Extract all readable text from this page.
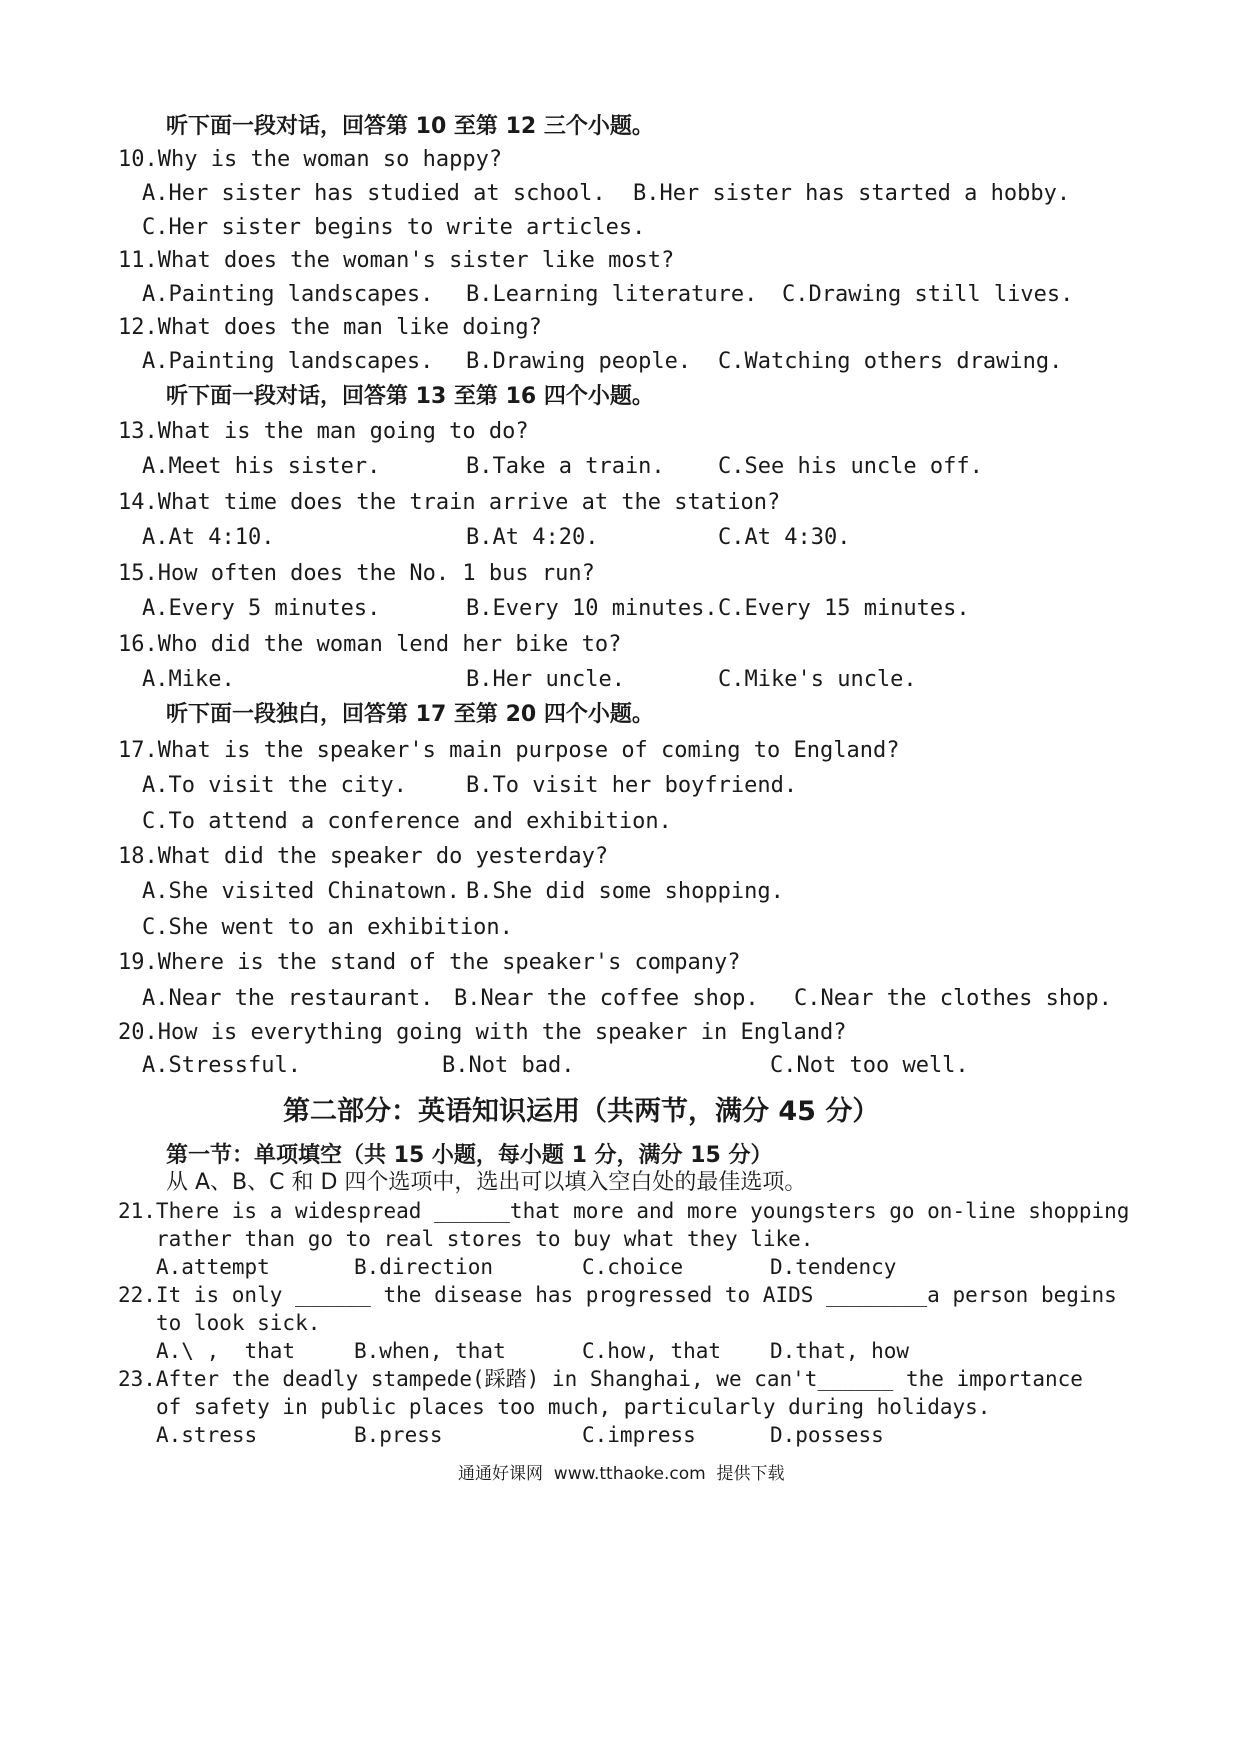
听下面一段对话，回答第 10 至第 12 三个小题。
10.Why is the woman so happy?
A.Her sister has studied at school. B.Her sister has started a hobby.
C.Her sister begins to write articles.
11.What does the woman's sister like most?
A.Painting landscapes. B.Learning literature. C.Drawing still lives.
12.What does the man like doing?
A.Painting landscapes. B.Drawing people. C.Watching others drawing.
听下面一段对话，回答第 13 至第 16 四个小题。
13.What is the man going to do?
A.Meet his sister.	B.Take a train. C.See his uncle off.
14.What time does the train arrive at the station?
A.At 4:10.	B.At 4:20.	C.At 4:30.
15.How often does the No. 1 bus run?
A.Every 5 minutes.	B.Every 10 minutes. C.Every 15 minutes.
16.Who did the woman lend her bike to?
A.Mike.	B.Her uncle.	C.Mike's uncle.
听下面一段独白，回答第 17 至第 20 四个小题。
17.What is the speaker's main purpose of coming to England?
A.To visit the city.	B.To visit her boyfriend.
C.To attend a conference and exhibition.
18.What did the speaker do yesterday?
A.She visited Chinatown. B.She did some shopping.
C.She went to an exhibition.
19.Where is the stand of the speaker's company?
A.Near the restaurant. B.Near the coffee shop. C.Near the clothes shop.
20.How is everything going with the speaker in England?
A.Stressful.	B.Not bad.	C.Not too well.
第二部分：英语知识运用（共两节，满分 45 分）
第一节：单项填空（共 15 小题，每小题 1 分，满分 15 分）
从 A、B、C 和 D 四个选项中，选出可以填入空白处的最佳选项。
21.There is a widespread ______that more and more youngsters go on-line shopping
rather than go to real stores to buy what they like.
A.attempt	B.direction	C.choice	D.tendency
22.It is only ______ the disease has progressed to AIDS ________a person begins
to look sick.
A.\ ,  that	B.when, that	C.how, that D.that, how
23.After the deadly stampede(踩踏) in Shanghai, we can't______ the importance
of safety in public places too much, particularly during holidays.
A.stress	B.press	C.impress	D.possess
通通好课网  www.tthaoke.com  提供下载
